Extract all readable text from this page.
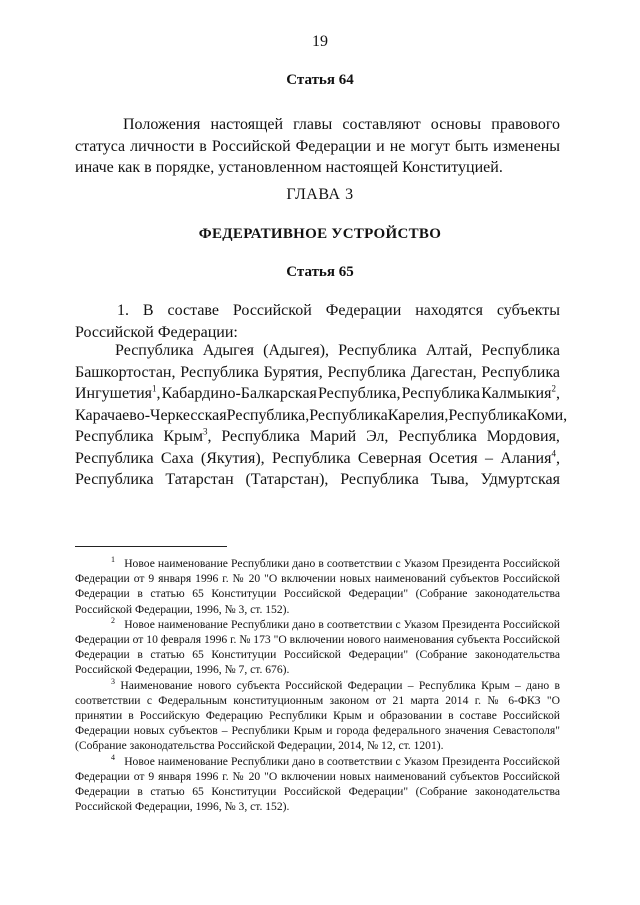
19
Статья 64
Положения настоящей главы составляют основы правового статуса личности в Российской Федерации и не могут быть изменены иначе как в порядке, установленном настоящей Конституцией.
ГЛАВА 3
ФЕДЕРАТИВНОЕ УСТРОЙСТВО
Статья 65
1. В составе Российской Федерации находятся субъекты Российской Федерации:
Республика Адыгея (Адыгея), Республика Алтай, Республика
Башкортостан, Республика Бурятия, Республика Дагестан, Республика
Ингушетия$^1$, Кабардино-Балкарская Республика, Республика Калмыкия$^2$,
Карачаево-Черкесская Республика, Республика Карелия, Республика Коми,
Республика Крым$^3$, Республика Марий Эл, Республика Мордовия,
Республика Саха (Якутия), Республика Северная Осетия – Алания$^4$,
Республика Татарстан (Татарстан), Республика Тыва, Удмуртская

$^1$ Новое наименование Республики дано в соответствии с Указом Президента Российской Федерации от 9 января 1996 г. № 20 "О включении новых наименований субъектов Российской Федерации в статью 65 Конституции Российской Федерации" (Собрание законодательства Российской Федерации, 1996, № 3, ст. 152).

$^2$ Новое наименование Республики дано в соответствии с Указом Президента Российской Федерации от 10 февраля 1996 г. № 173 "О включении нового наименования субъекта Российской Федерации в статью 65 Конституции Российской Федерации" (Собрание законодательства Российской Федерации, 1996, № 7, ст. 676).

$^3$ Наименование нового субъекта Российской Федерации – Республика Крым – дано в соответствии с Федеральным конституционным законом от 21 марта 2014 г. № 6-ФКЗ "О принятии в Российскую Федерацию Республики Крым и образовании в составе Российской Федерации новых субъектов – Республики Крым и города федерального значения Севастополя" (Собрание законодательства Российской Федерации, 2014, № 12, ст. 1201).

$^4$ Новое наименование Республики дано в соответствии с Указом Президента Российской Федерации от 9 января 1996 г. № 20 "О включении новых наименований субъектов Российской Федерации в статью 65 Конституции Российской Федерации" (Собрание законодательства Российской Федерации, 1996, № 3, ст. 152).
